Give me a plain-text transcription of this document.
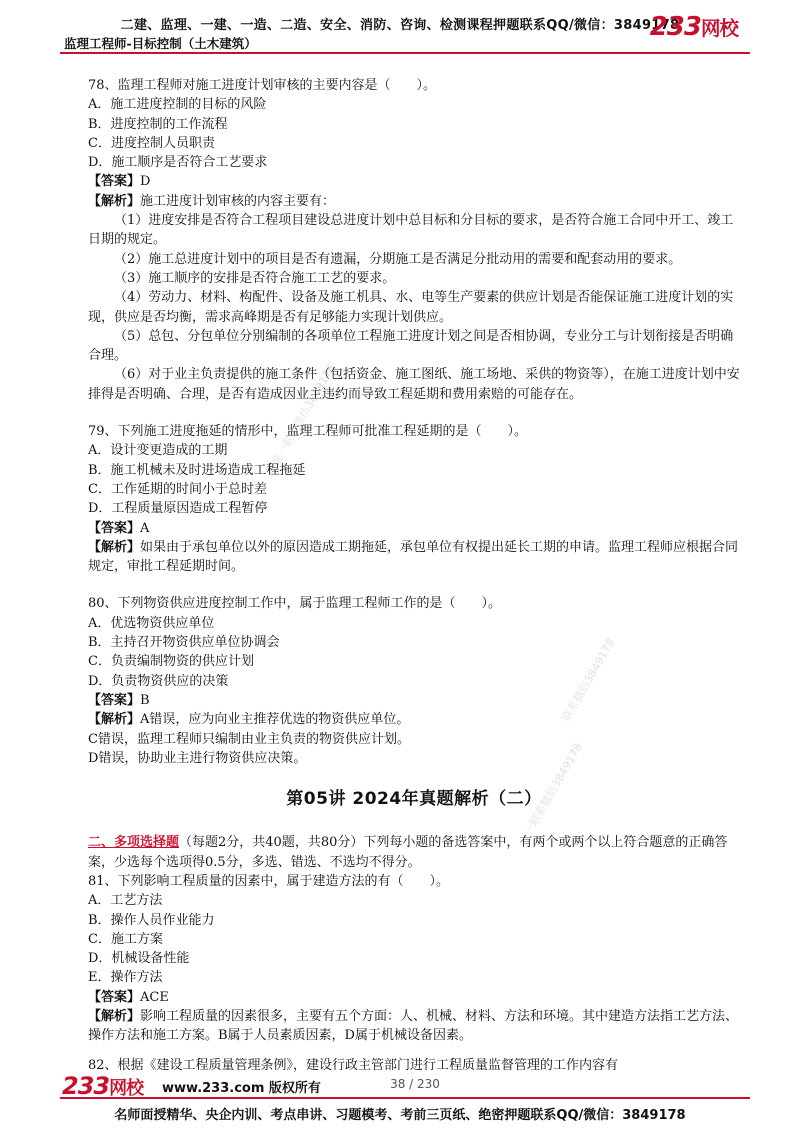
二建、监理、一建、一造、二造、安全、消防、咨询、检测课程押题联系QQ/微信：3849178
监理工程师-目标控制（土木建筑）
233网校
精准一联系微信3849178
联系微信3849178
一联系微信3849178

78、监理工程师对施工进度计划审核的主要内容是（　　）。

A．施工进度控制的目标的风险

B．进度控制的工作流程

C．进度控制人员职责

D．施工顺序是否符合工艺要求

【答案】D

【解析】施工进度计划审核的内容主要有：

（1）进度安排是否符合工程项目建设总进度计划中总目标和分目标的要求，是否符合施工合同中开工、竣工日期的规定。

（2）施工总进度计划中的项目是否有遗漏，分期施工是否满足分批动用的需要和配套动用的要求。

（3）施工顺序的安排是否符合施工工艺的要求。

（4）劳动力、材料、构配件、设备及施工机具、水、电等生产要素的供应计划是否能保证施工进度计划的实现，供应是否均衡，需求高峰期是否有足够能力实现计划供应。

（5）总包、分包单位分别编制的各项单位工程施工进度计划之间是否相协调，专业分工与计划衔接是否明确合理。

（6）对于业主负责提供的施工条件（包括资金、施工图纸、施工场地、采供的物资等），在施工进度计划中安排得是否明确、合理，是否有造成因业主违约而导致工程延期和费用索赔的可能存在。

79、下列施工进度拖延的情形中，监理工程师可批准工程延期的是（　　）。

A．设计变更造成的工期

B．施工机械未及时进场造成工程拖延

C．工作延期的时间小于总时差

D．工程质量原因造成工程暂停

【答案】A

【解析】如果由于承包单位以外的原因造成工期拖延，承包单位有权提出延长工期的申请。监理工程师应根据合同规定，审批工程延期时间。

80、下列物资供应进度控制工作中，属于监理工程师工作的是（　　）。

A．优选物资供应单位

B．主持召开物资供应单位协调会

C．负责编制物资的供应计划

D．负责物资供应的决策

【答案】B

【解析】A错误，应为向业主推荐优选的物资供应单位。

C错误，监理工程师只编制由业主负责的物资供应计划。

D错误，协助业主进行物资供应决策。

第05讲 2024年真题解析（二）

二、多项选择题（每题2分，共40题，共80分）下列每小题的备选答案中，有两个或两个以上符合题意的正确答案，少选每个选项得0.5分，多选、错选、不选均不得分。

81、下列影响工程质量的因素中，属于建造方法的有（　　）。

A．工艺方法

B．操作人员作业能力

C．施工方案

D．机械设备性能

E．操作方法

【答案】ACE

【解析】影响工程质量的因素很多，主要有五个方面：人、机械、材料、方法和环境。其中建造方法指工艺方法、操作方法和施工方案。B属于人员素质因素，D属于机械设备因素。

82、根据《建设工程质量管理条例》，建设行政主管部门进行工程质量监督管理的工作内容有

233网校 www.233.com 版权所有	38 / 230
名师面授精华、央企内训、考点串讲、习题模考、考前三页纸、绝密押题联系QQ/微信：3849178
